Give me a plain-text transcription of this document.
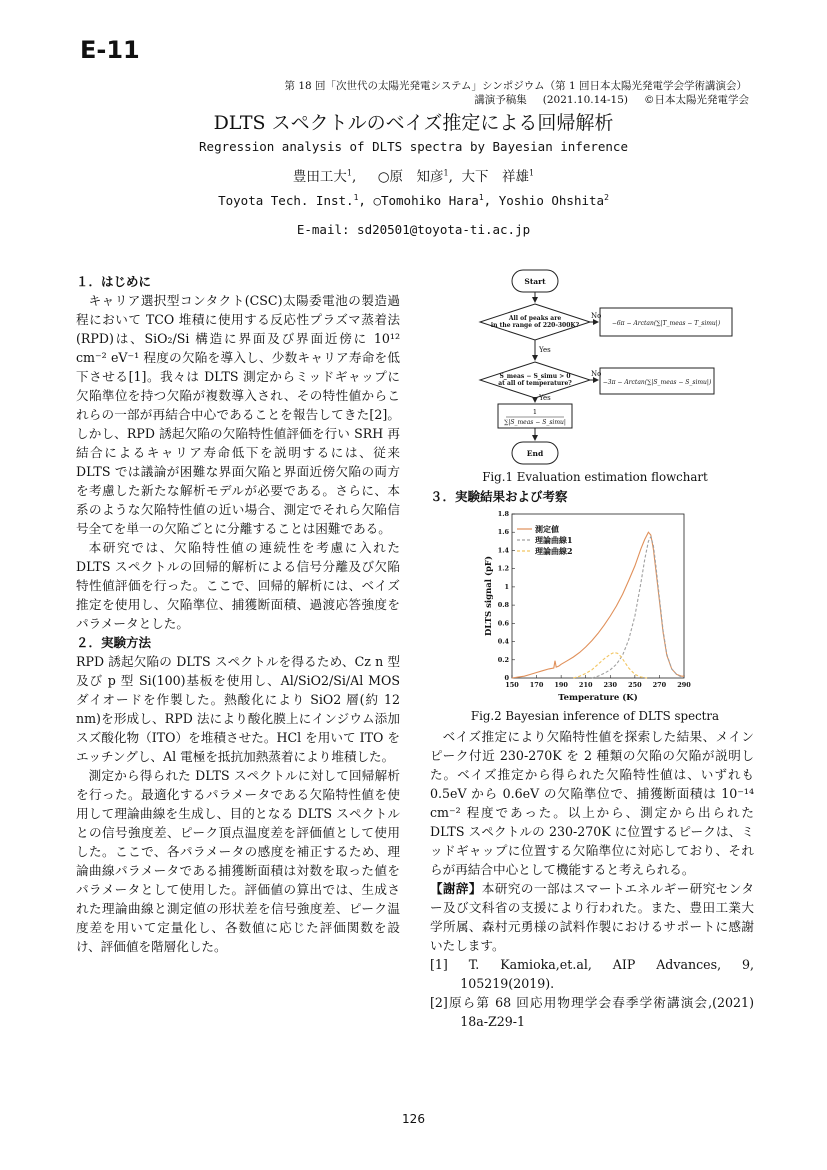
E-11
第 18 回「次世代の太陽光発電システム」シンポジウム（第 1 回日本太陽光発電学会学術講演会）
講演予稿集 (2021.10.14-15) ©日本太陽光発電学会
DLTS スペクトルのベイズ推定による回帰解析
Regression analysis of DLTS spectra by Bayesian inference
豊田工大$^1$,     ○原　知彦$^1$,  大下　祥雄$^1$
Toyota Tech. Inst.$^1$, ○Tomohiko Hara$^1$, Yoshio Ohshita$^2$
E-mail: sd20501@toyota-ti.ac.jp
１．はじめに

キャリア選択型コンタクト(CSC)太陽委電池の製造過程において TCO 堆積に使用する反応性プラズマ蒸着法(RPD)は、SiO₂/Si 構造に界面及び界面近傍に 10¹² cm⁻² eV⁻¹ 程度の欠陥を導入し、少数キャリア寿命を低下させる[1]。我々は DLTS 測定からミッドギャップに欠陥準位を持つ欠陥が複数導入され、その特性値からこれらの一部が再結合中心であることを報告してきた[2]。しかし、RPD 誘起欠陥の欠陥特性値評価を行い SRH 再結合によるキャリア寿命低下を説明するには、従来 DLTS では議論が困難な界面欠陥と界面近傍欠陥の両方を考慮した新たな解析モデルが必要である。さらに、本系のような欠陥特性値の近い場合、測定でそれら欠陥信号全てを単一の欠陥ごとに分離することは困難である。

本研究では、欠陥特性値の連続性を考慮に入れた DLTS スペクトルの回帰的解析による信号分離及び欠陥特性値評価を行った。ここで、回帰的解析には、ベイズ推定を使用し、欠陥準位、捕獲断面積、過渡応答強度をパラメータとした。

２．実験方法

RPD 誘起欠陥の DLTS スペクトルを得るため、Cz n 型及び p 型 Si(100)基板を使用し、Al/SiO2/Si/Al MOS ダイオードを作製した。熱酸化により SiO2 層(約 12 nm)を形成し、RPD 法により酸化膜上にインジウム添加スズ酸化物（ITO）を堆積させた。HCl を用いて ITO をエッチングし、Al 電極を抵抗加熱蒸着により堆積した。

測定から得られた DLTS スペクトルに対して回帰解析を行った。最適化するパラメータである欠陥特性値を使用して理論曲線を生成し、目的となる DLTS スペクトルとの信号強度差、ピーク頂点温度差を評価値として使用した。ここで、各パラメータの感度を補正するため、理論曲線パラメータである捕獲断面積は対数を取った値をパラメータとして使用した。評価値の算出では、生成された理論曲線と測定値の形状差を信号強度差、ピーク温度差を用いて定量化し、各数値に応じた評価関数を設け、評価値を階層化した。

Start
All of peaks are
in the range of 220-300K?
No
−6π − Arctan(∑|T_meas − T_simu|)
Yes
S_meas − S_simu > 0
at all of temperature?
No
−3π − Arctan(∑|S_meas − S_simu|)
Yes
1
∑|S_meas − S_simu|
End
Fig.1 Evaluation estimation flowchart
３．実験結果および考察
150 170 190 210 230 250 270 290
0
0.2
0.4
0.6
0.8
1
1.2
1.4
1.6
1.8
Temperature (K)
DLTS signal (pF)
測定値
理論曲線1
理論曲線2
Fig.2 Bayesian inference of DLTS spectra

ベイズ推定により欠陥特性値を探索した結果、メインピーク付近 230-270K を 2 種類の欠陥の欠陥が説明した。ベイズ推定から得られた欠陥特性値は、いずれも 0.5eV から 0.6eV の欠陥準位で、捕獲断面積は 10⁻¹⁴ cm⁻² 程度であった。以上から、測定から出られた DLTS スペクトルの 230-270K に位置するピークは、ミッドギャップに位置する欠陥準位に対応しており、それらが再結合中心として機能すると考えられる。

【謝辞】本研究の一部はスマートエネルギー研究センター及び文科省の支援により行われた。また、豊田工業大学所属、森村元勇様の試料作製におけるサポートに感謝いたします。

[1] T. Kamioka,et.al, AIP Advances, 9, 105219(2019).

[2]原ら第 68 回応用物理学会春季学術講演会,(2021) 18a-Z29-1

126
